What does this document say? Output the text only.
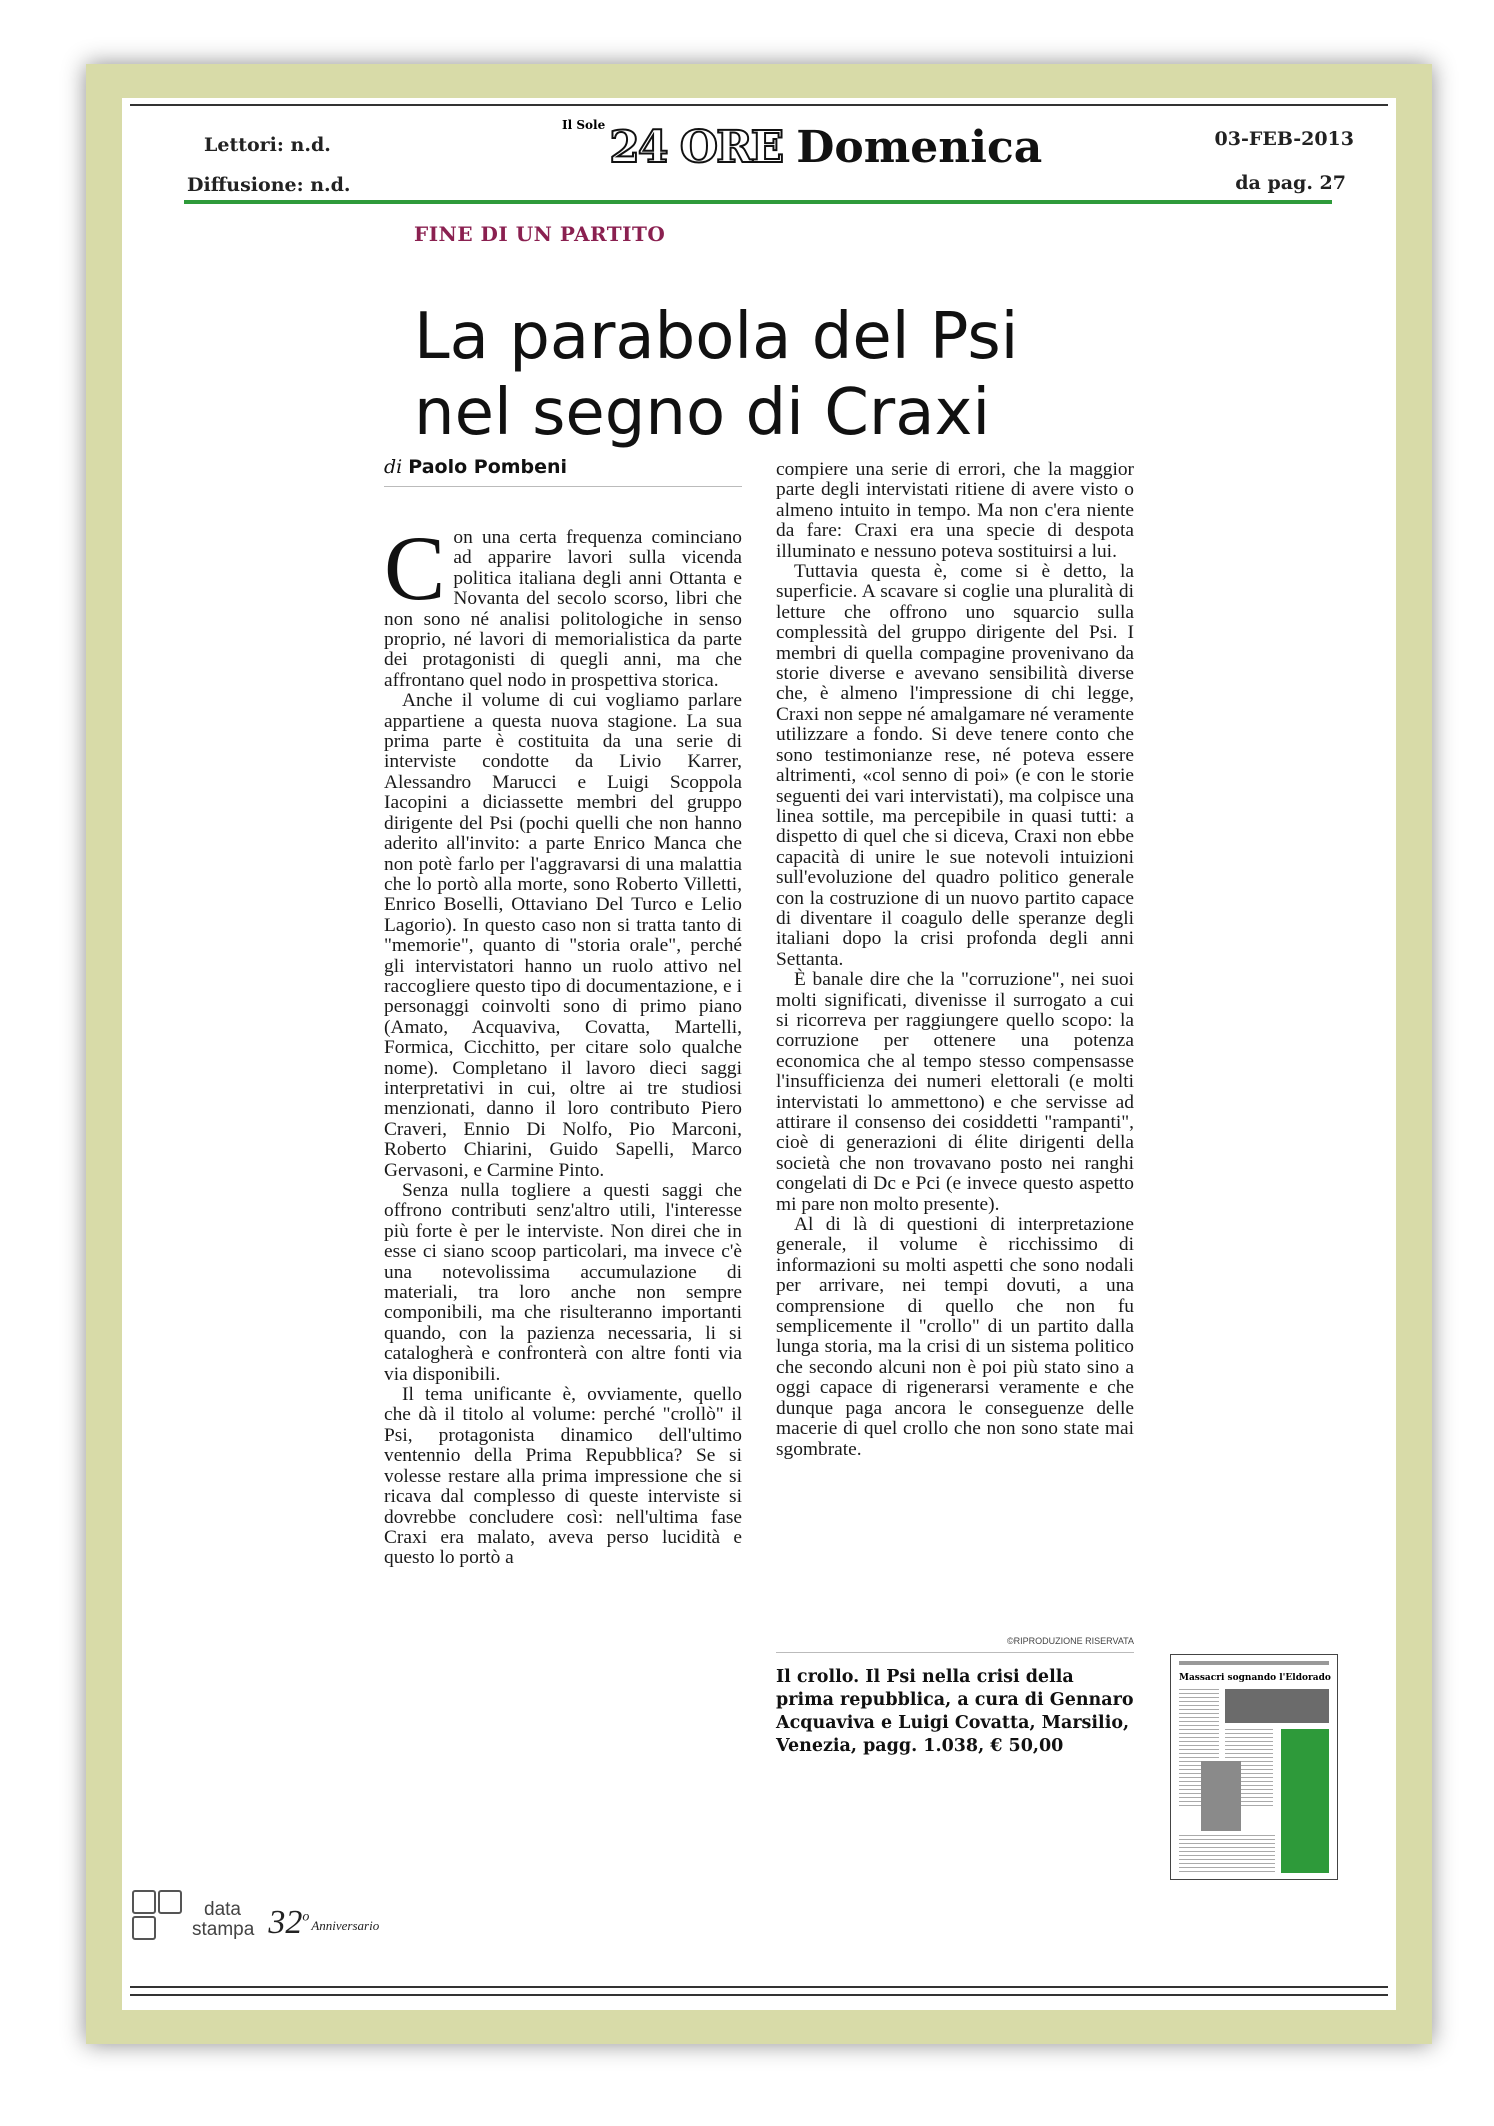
Lettori: n.d.
Diffusione: n.d.
Il Sole 24 ORE Domenica	03-FEB-2013
da pag. 27
FINE DI UN PARTITO
La parabola del Psi
nel segno di Craxi
di Paolo Pombeni

Con una certa frequenza cominciano ad apparire lavori sulla vicenda politica italiana degli anni Ottanta e Novanta del secolo scorso, libri che non sono né analisi politologiche in senso proprio, né lavori di memorialistica da parte dei protagonisti di quegli anni, ma che affrontano quel nodo in prospettiva storica.

Anche il volume di cui vogliamo parlare appartiene a questa nuova stagione. La sua prima parte è costituita da una serie di interviste condotte da Livio Karrer, Alessandro Marucci e Luigi Scoppola Iacopini a diciassette membri del gruppo dirigente del Psi (pochi quelli che non hanno aderito all'invito: a parte Enrico Manca che non potè farlo per l'aggravarsi di una malattia che lo portò alla morte, sono Roberto Villetti, Enrico Boselli, Ottaviano Del Turco e Lelio Lagorio). In questo caso non si tratta tanto di "memorie", quanto di "storia orale", perché gli intervistatori hanno un ruolo attivo nel raccogliere questo tipo di documentazione, e i personaggi coinvolti sono di primo piano (Amato, Acquaviva, Covatta, Martelli, Formica, Cicchitto, per citare solo qualche nome). Completano il lavoro dieci saggi interpretativi in cui, oltre ai tre studiosi menzionati, danno il loro contributo Piero Craveri, Ennio Di Nolfo, Pio Marconi, Roberto Chiarini, Guido Sapelli, Marco Gervasoni, e Carmine Pinto.

Senza nulla togliere a questi saggi che offrono contributi senz'altro utili, l'interesse più forte è per le interviste. Non direi che in esse ci siano scoop particolari, ma invece c'è una notevolissima accumulazione di materiali, tra loro anche non sempre componibili, ma che risulteranno importanti quando, con la pazienza necessaria, li si catalogherà e confronterà con altre fonti via via disponibili.

Il tema unificante è, ovviamente, quello che dà il titolo al volume: perché "crollò" il Psi, protagonista dinamico dell'ultimo ventennio della Prima Repubblica? Se si volesse restare alla prima impressione che si ricava dal complesso di queste interviste si dovrebbe concludere così: nell'ultima fase Craxi era malato, aveva perso lucidità e questo lo portò a

compiere una serie di errori, che la maggior parte degli intervistati ritiene di avere visto o almeno intuito in tempo. Ma non c'era niente da fare: Craxi era una specie di despota illuminato e nessuno poteva sostituirsi a lui.

Tuttavia questa è, come si è detto, la superficie. A scavare si coglie una pluralità di letture che offrono uno squarcio sulla complessità del gruppo dirigente del Psi. I membri di quella compagine provenivano da storie diverse e avevano sensibilità diverse che, è almeno l'impressione di chi legge, Craxi non seppe né amalgamare né veramente utilizzare a fondo. Si deve tenere conto che sono testimonianze rese, né poteva essere altrimenti, «col senno di poi» (e con le storie seguenti dei vari intervistati), ma colpisce una linea sottile, ma percepibile in quasi tutti: a dispetto di quel che si diceva, Craxi non ebbe capacità di unire le sue notevoli intuizioni sull'evoluzione del quadro politico generale con la costruzione di un nuovo partito capace di diventare il coagulo delle speranze degli italiani dopo la crisi profonda degli anni Settanta.

È banale dire che la "corruzione", nei suoi molti significati, divenisse il surrogato a cui si ricorreva per raggiungere quello scopo: la corruzione per ottenere una potenza economica che al tempo stesso compensasse l'insufficienza dei numeri elettorali (e molti intervistati lo ammettono) e che servisse ad attirare il consenso dei cosiddetti "rampanti", cioè di generazioni di élite dirigenti della società che non trovavano posto nei ranghi congelati di Dc e Pci (e invece questo aspetto mi pare non molto presente).

Al di là di questioni di interpretazione generale, il volume è ricchissimo di informazioni su molti aspetti che sono nodali per arrivare, nei tempi dovuti, a una comprensione di quello che non fu semplicemente il "crollo" di un partito dalla lunga storia, ma la crisi di un sistema politico che secondo alcuni non è poi più stato sino a oggi capace di rigenerarsi veramente e che dunque paga ancora le conseguenze delle macerie di quel crollo che non sono state mai sgombrate.

©RIPRODUZIONE RISERVATA
Il crollo. Il Psi nella crisi della prima repubblica, a cura di Gennaro Acquaviva e Luigi Covatta, Marsilio, Venezia, pagg. 1.038, € 50,00
Massacri sognando l'Eldorado
data
stampa 32$^o$
Anniversario
